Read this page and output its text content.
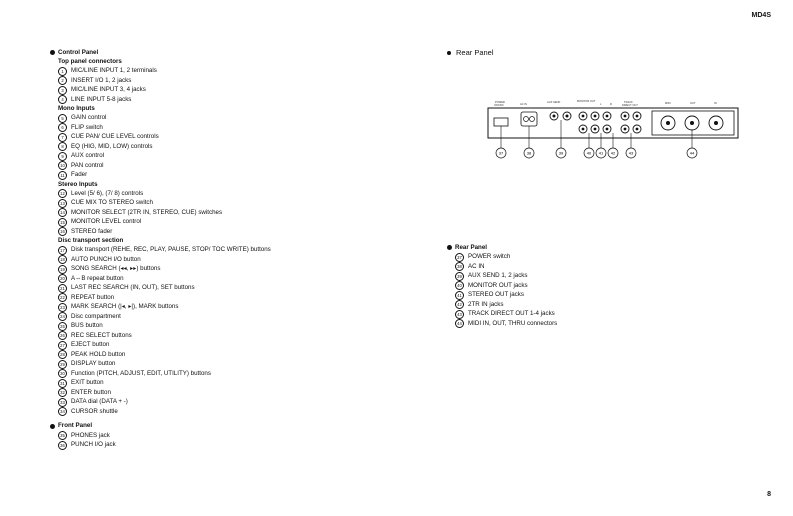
MD4S
Control Panel
Top panel connectors
1	MIC/LINE INPUT 1, 2 terminals
2	INSERT I/O 1, 2 jacks
3	MIC/LINE INPUT 3, 4 jacks
4	LINE INPUT 5-8 jacks
Mono Inputs
5	GAIN control
6	FLIP switch
7	CUE PAN/ CUE LEVEL controls
8	EQ (HIG, MID, LOW) controls
9	AUX control
10 PAN control
11	Fader
Stereo Inputs
12 Level (5/ 6), (7/ 8) controls
13 CUE MIX TO STEREO switch
14 MONITOR SELECT (2TR IN, STEREO, CUE) switches
15 MONITOR LEVEL control
16 STEREO fader
Disc transport section
17 Disk transport (REHE, REC, PLAY, PAUSE, STOP/ TOC WRITE) buttons
18 AUTO PUNCH I/O button
19 SONG SEARCH (◂◂, ▸▸) buttons
20 A⇔B repeat button
21 LAST REC SEARCH (IN, OUT), SET buttons
22 REPEAT button
23 MARK SEARCH (|◂, ▸|), MARK buttons
24 Disc compartment
25 BUS button
26 REC SELECT buttons
27 EJECT button
28 PEAK HOLD button
29 DISPLAY button
30 Function (PITCH, ADJUST, EDIT, UTILITY) buttons
31 EXIT button
32 ENTER button
33 DATA dial (DATA + -)
34 CURSOR shuttle
Front Panel
35 PHONES jack
36 PUNCH I/O jack
Rear Panel
POWER
ON/OFF	AC IN
AUX SEND	MONITOR OUT
L	R
TRACK
DIRECT OUT
MIDI	OUT	IN
37	38	39	40 41 42	43	44
Rear Panel
37 POWER switch
38 AC IN
39 AUX SEND 1, 2 jacks
40 MONITOR OUT jacks
41 STEREO OUT jacks
42 2TR IN jacks
43 TRACK DIRECT OUT 1-4 jacks
44 MIDI IN, OUT, THRU connectors
8
